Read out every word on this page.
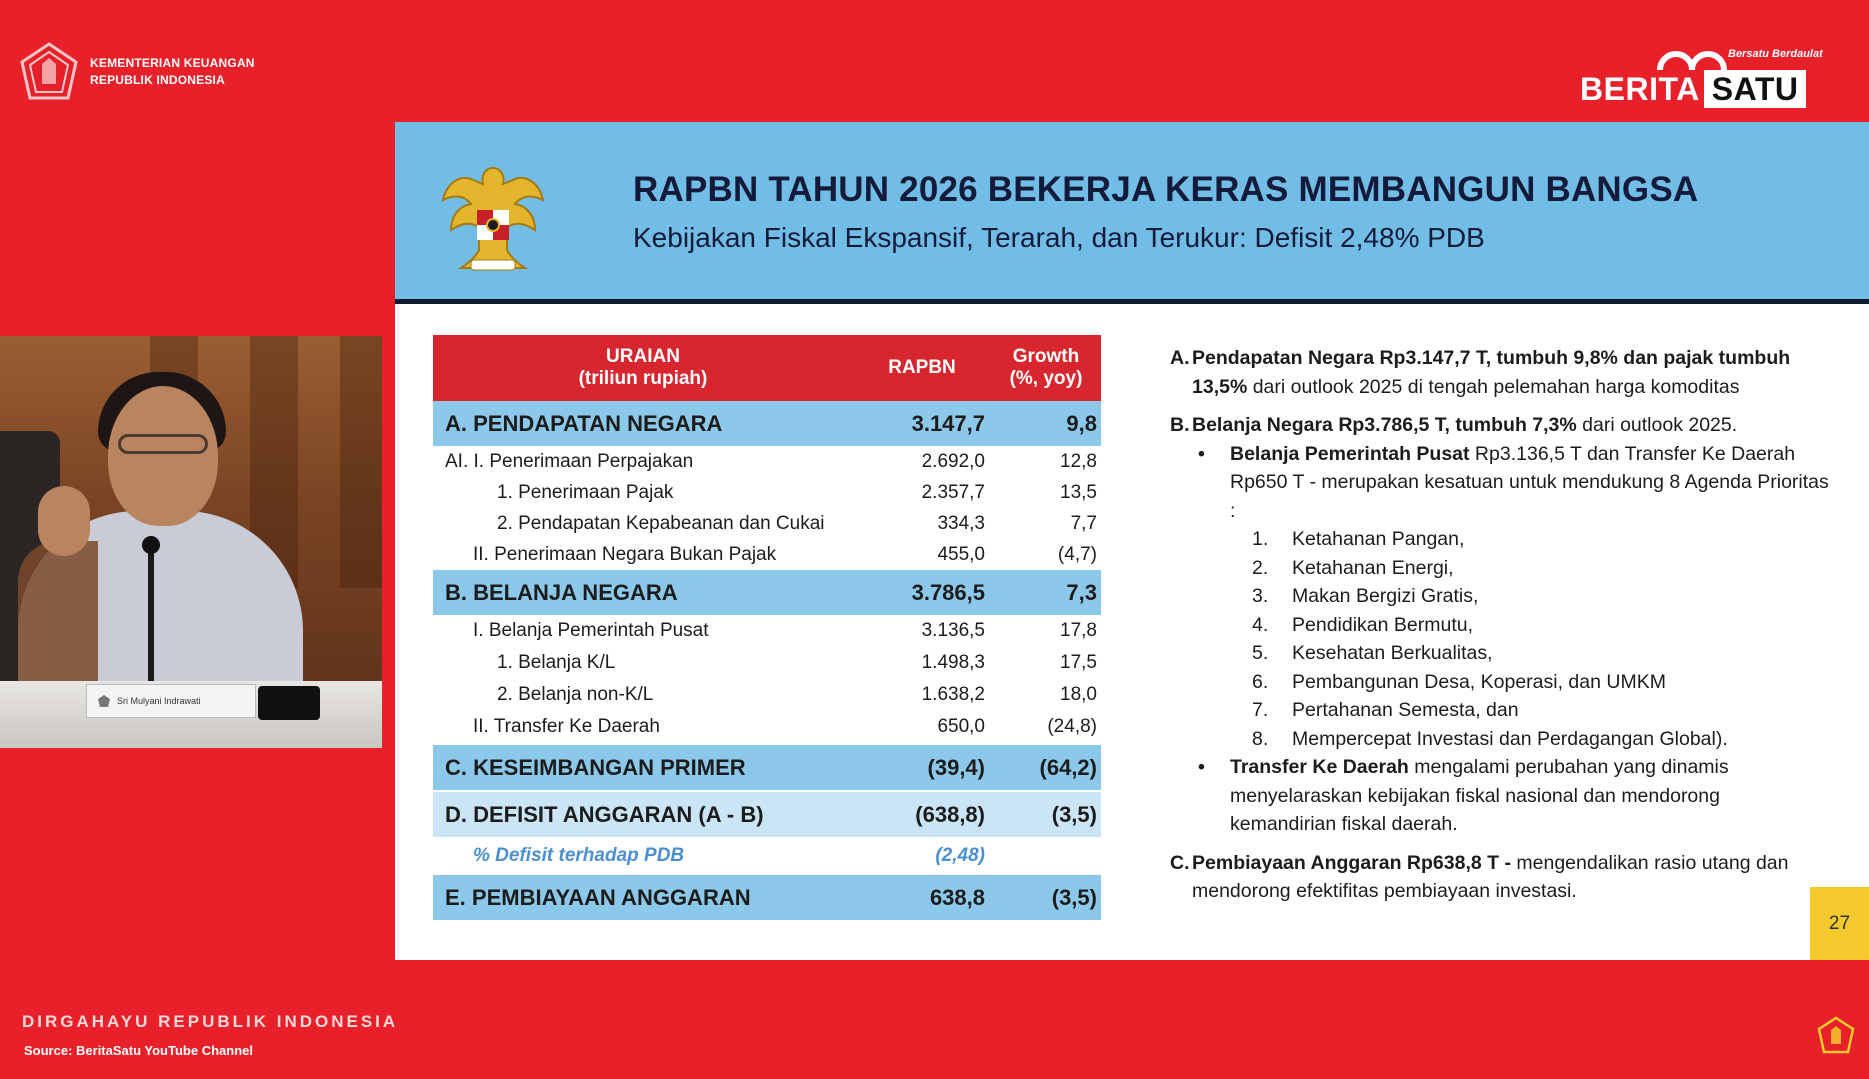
KEMENTERIAN KEUANGAN
REPUBLIK INDONESIA
Bersatu Berdaulat
BERITA SATU
Sri Mulyani Indrawati
RAPBN TAHUN 2026 BEKERJA KERAS MEMBANGUN BANGSA
Kebijakan Fiskal Ekspansif, Terarah, dan Terukur: Defisit 2,48% PDB
URAIAN
(triliun rupiah)
RAPBN
Growth
(%, yoy)
A. PENDAPATAN NEGARA	3.147,7	9,8
AI. I. Penerimaan Perpajakan	2.692,0	12,8
1. Penerimaan Pajak	2.357,7	13,5
2. Pendapatan Kepabeanan dan Cukai	334,3	7,7
II. Penerimaan Negara Bukan Pajak	455,0	(4,7)
B. BELANJA NEGARA	3.786,5	7,3
I. Belanja Pemerintah Pusat	3.136,5	17,8
1. Belanja K/L	1.498,3	17,5
2. Belanja non-K/L	1.638,2	18,0
II. Transfer Ke Daerah	650,0	(24,8)
C. KESEIMBANGAN PRIMER	(39,4)	(64,2)
D. DEFISIT ANGGARAN (A - B)	(638,8)	(3,5)
% Defisit terhadap PDB	(2,48)
E. PEMBIAYAAN ANGGARAN	638,8	(3,5)
A. Pendapatan Negara Rp3.147,7 T, tumbuh 9,8% dan pajak tumbuh 13,5% dari outlook 2025 di tengah pelemahan harga komoditas
B. Belanja Negara Rp3.786,5 T, tumbuh 7,3% dari outlook 2025.
•	Belanja Pemerintah Pusat Rp3.136,5 T dan Transfer Ke Daerah Rp650 T - merupakan kesatuan untuk mendukung 8 Agenda Prioritas :
1.	Ketahanan Pangan,
2.	Ketahanan Energi,
3.	Makan Bergizi Gratis,
4.	Pendidikan Bermutu,
5.	Kesehatan Berkualitas,
6.	Pembangunan Desa, Koperasi, dan UMKM
7.	Pertahanan Semesta, dan
8.	Mempercepat Investasi dan Perdagangan Global).
•	Transfer Ke Daerah mengalami perubahan yang dinamis menyelaraskan kebijakan fiskal nasional dan mendorong kemandirian fiskal daerah.
C. Pembiayaan Anggaran Rp638,8 T - mengendalikan rasio utang dan mendorong efektifitas pembiayaan investasi.
27
DIRGAHAYU REPUBLIK INDONESIA
Source: BeritaSatu YouTube Channel
